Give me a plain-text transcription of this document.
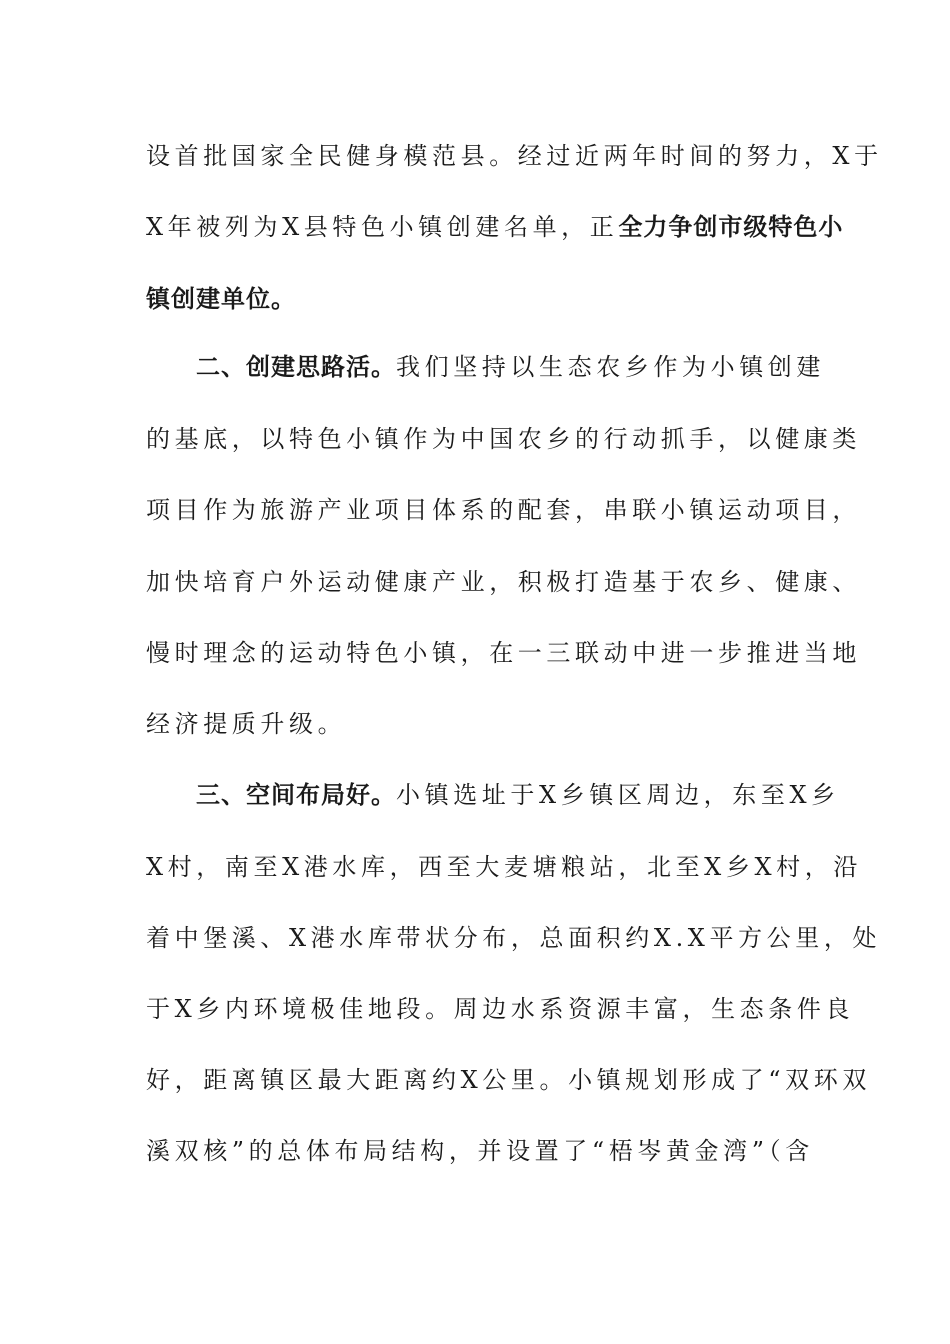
设首批国家全民健身模范县。经过近两年时间的努力，X于
X年被列为X县特色小镇创建名单，正全力争创市级特色小
镇创建单位。
二、创建思路活。我们坚持以生态农乡作为小镇创建
的基底，以特色小镇作为中国农乡的行动抓手，以健康类
项目作为旅游产业项目体系的配套，串联小镇运动项目，
加快培育户外运动健康产业，积极打造基于农乡、健康、
慢时理念的运动特色小镇，在一三联动中进一步推进当地
经济提质升级。
三、空间布局好。小镇选址于X乡镇区周边，东至X乡
X村，南至X港水库，西至大麦塘粮站，北至X乡X村，沿
着中堡溪、X港水库带状分布，总面积约X.X平方公里，处
于X乡内环境极佳地段。周边水系资源丰富，生态条件良
好，距离镇区最大距离约X公里。小镇规划形成了“双环双
溪双核”的总体布局结构，并设置了“梧岑黄金湾”（含
